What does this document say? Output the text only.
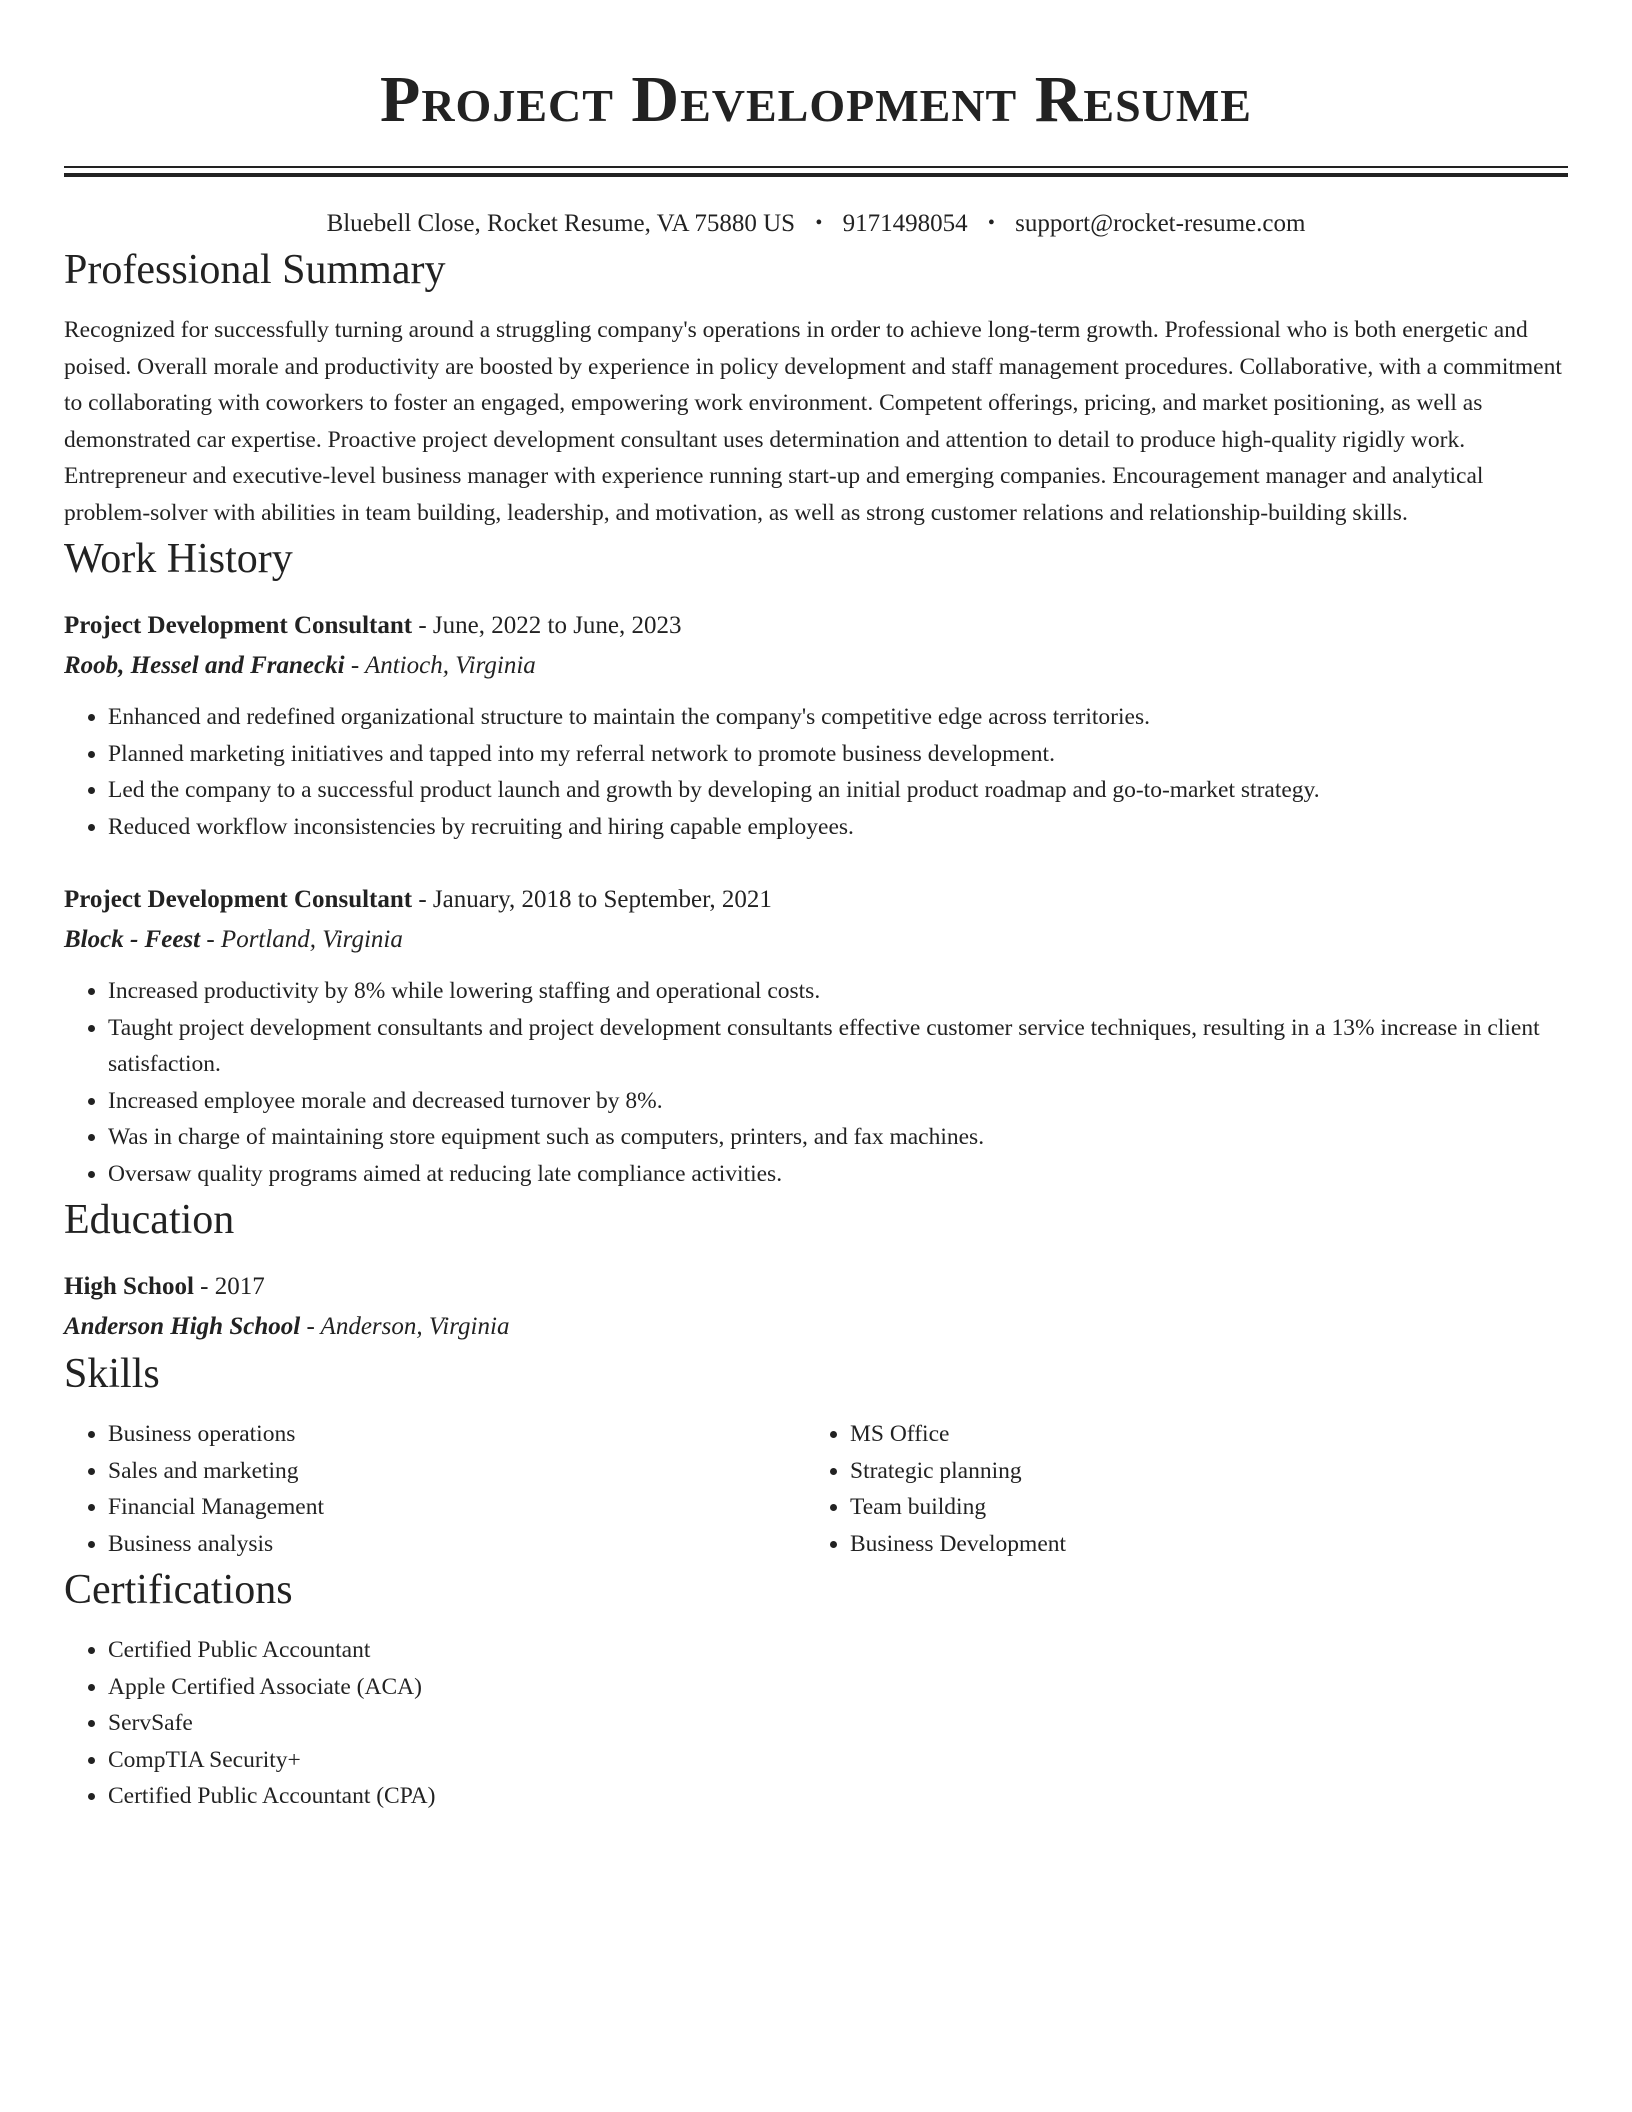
Project Development Resume
Bluebell Close, Rocket Resume, VA 75880 US • 9171498054 • support@rocket-resume.com
Professional Summary
Recognized for successfully turning around a struggling company's operations in order to achieve long-term growth. Professional who is both energetic and poised. Overall morale and productivity are boosted by experience in policy development and staff management procedures. Collaborative, with a commitment to collaborating with coworkers to foster an engaged, empowering work environment. Competent offerings, pricing, and market positioning, as well as demonstrated car expertise. Proactive project development consultant uses determination and attention to detail to produce high-quality rigidly work. Entrepreneur and executive-level business manager with experience running start-up and emerging companies. Encouragement manager and analytical problem-solver with abilities in team building, leadership, and motivation, as well as strong customer relations and relationship-building skills.
Work History
Project Development Consultant - June, 2022 to June, 2023
Roob, Hessel and Franecki - Antioch, Virginia
• Enhanced and redefined organizational structure to maintain the company's competitive edge across territories.
• Planned marketing initiatives and tapped into my referral network to promote business development.
• Led the company to a successful product launch and growth by developing an initial product roadmap and go-to-market strategy.
• Reduced workflow inconsistencies by recruiting and hiring capable employees.
Project Development Consultant - January, 2018 to September, 2021
Block - Feest - Portland, Virginia
• Increased productivity by 8% while lowering staffing and operational costs.
• Taught project development consultants and project development consultants effective customer service techniques, resulting in a 13% increase in client satisfaction.
• Increased employee morale and decreased turnover by 8%.
• Was in charge of maintaining store equipment such as computers, printers, and fax machines.
• Oversaw quality programs aimed at reducing late compliance activities.
Education
High School - 2017
Anderson High School - Anderson, Virginia
Skills
• Business operations
• Sales and marketing
• Financial Management
• Business analysis
• MS Office
• Strategic planning
• Team building
• Business Development
Certifications
• Certified Public Accountant
• Apple Certified Associate (ACA)
• ServSafe
• CompTIA Security+
• Certified Public Accountant (CPA)
